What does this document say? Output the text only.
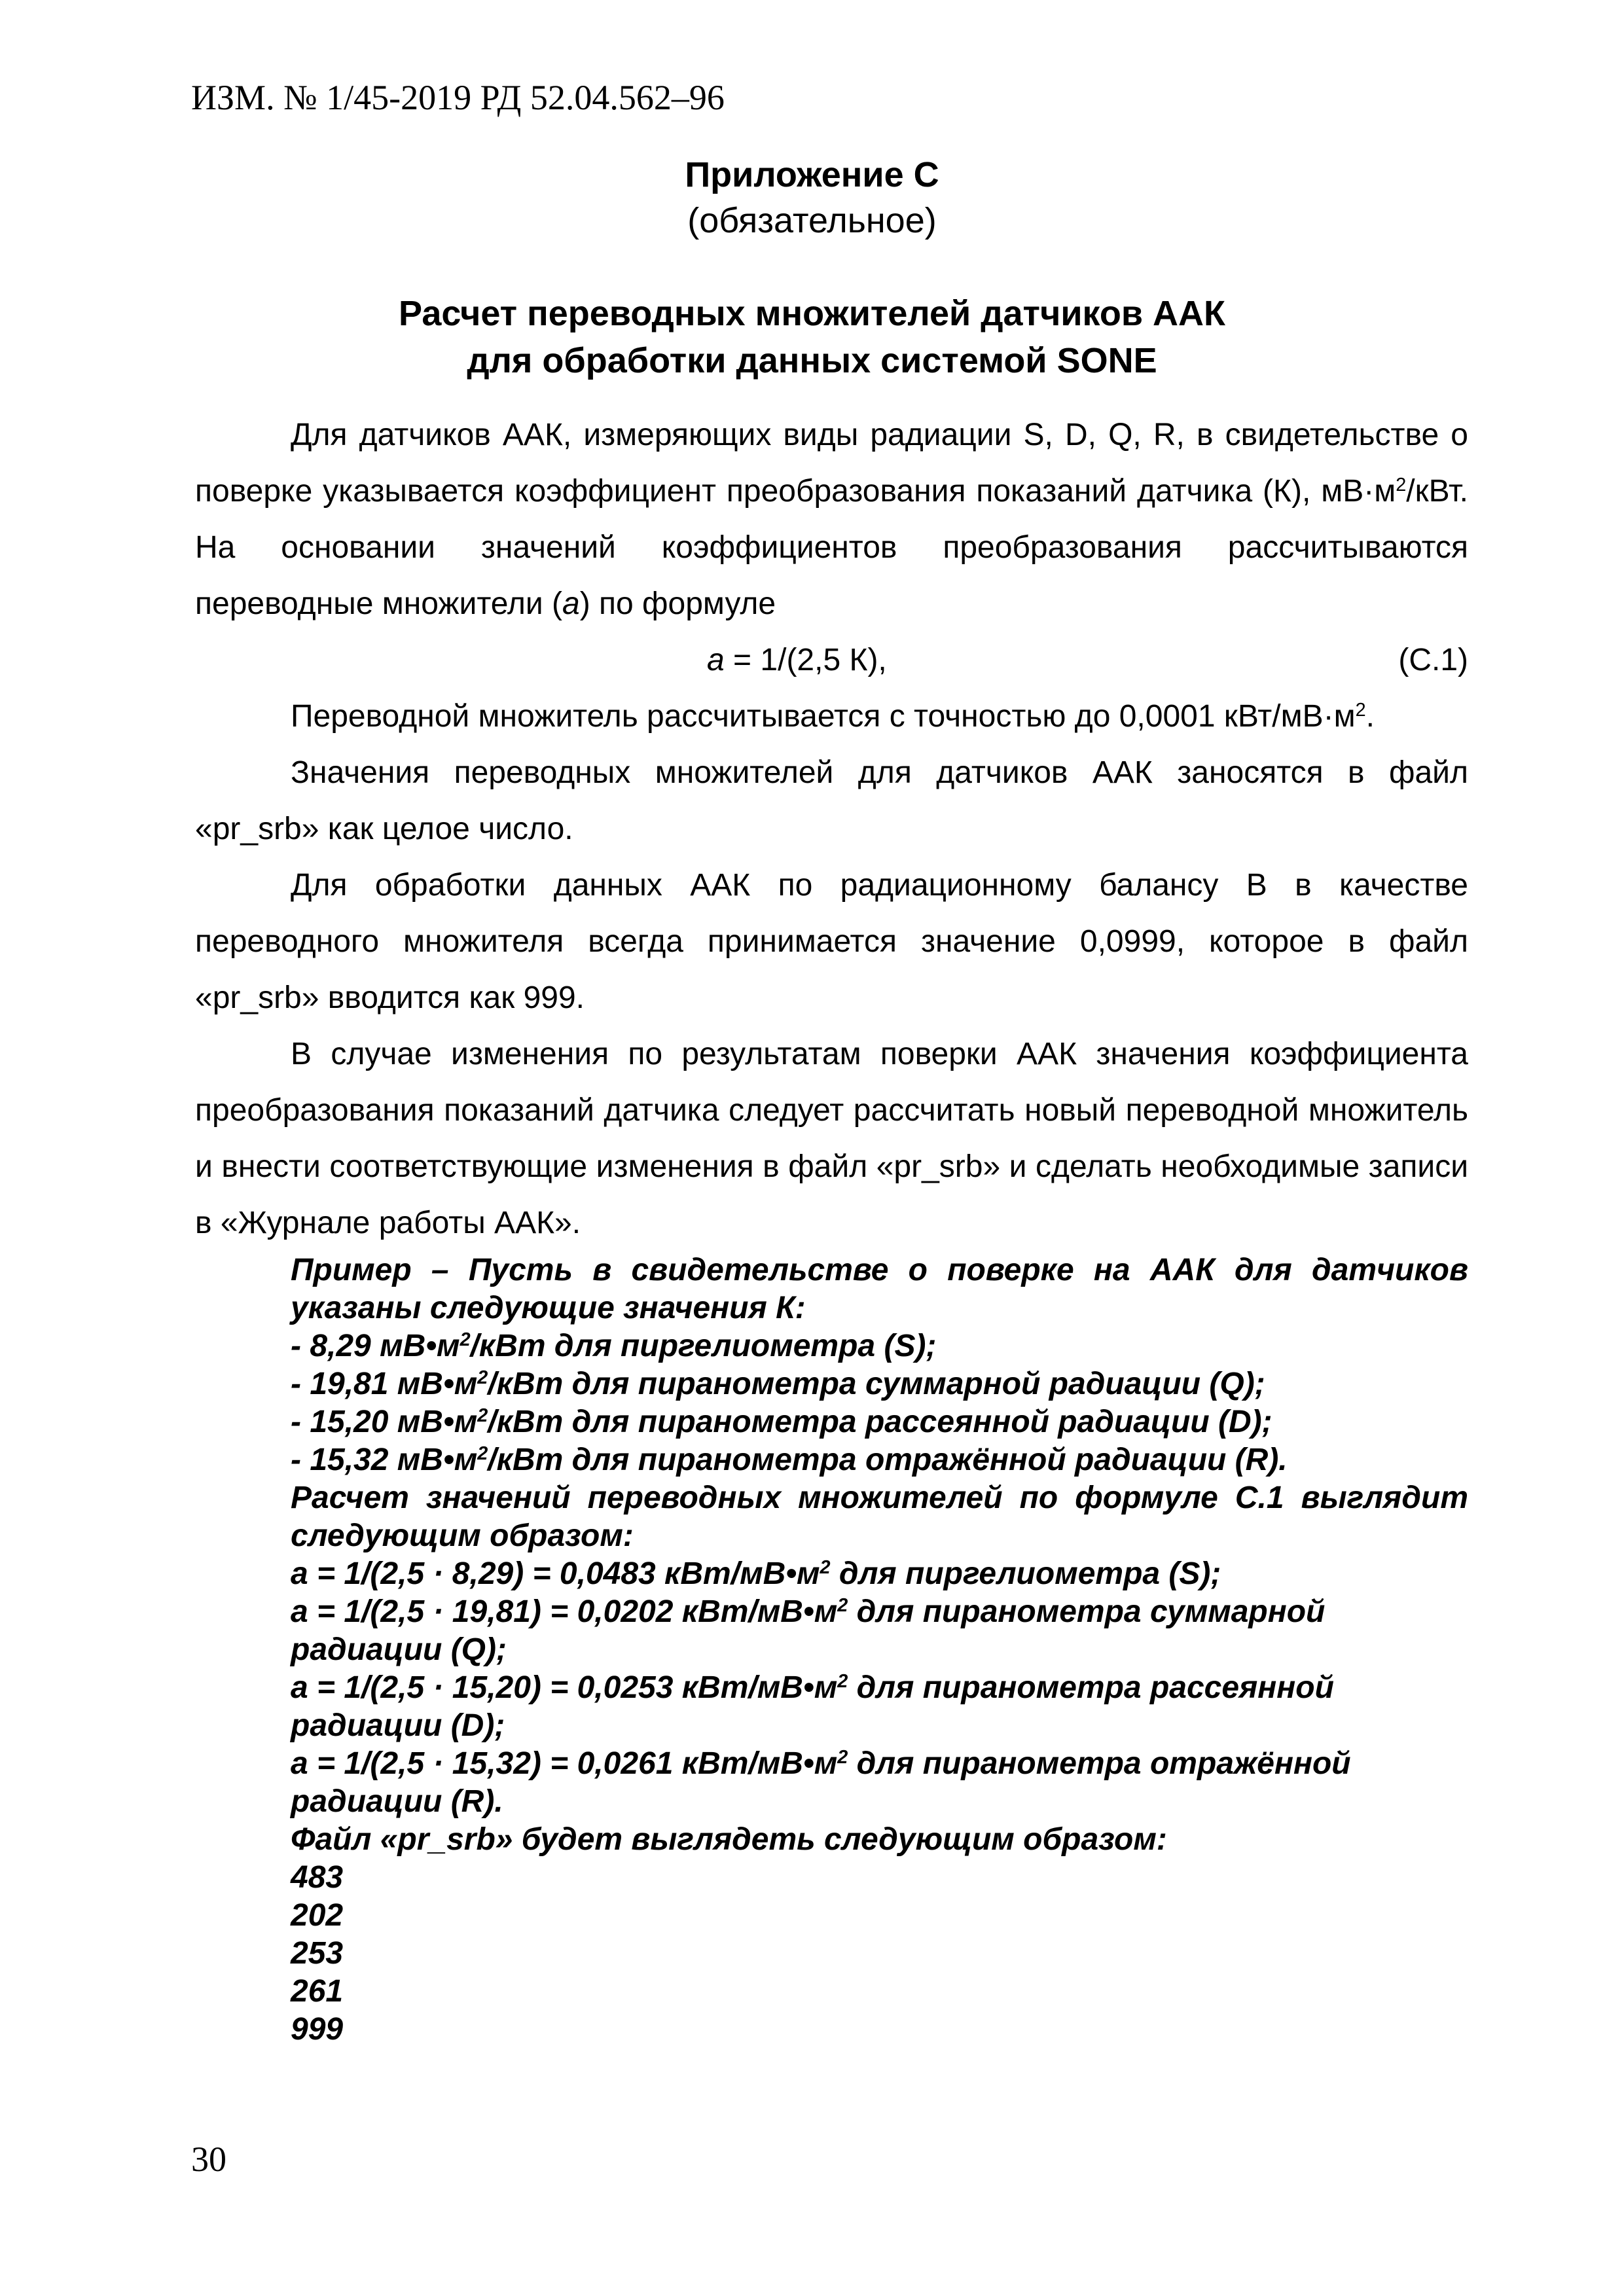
ИЗМ. № 1/45-2019 РД 52.04.562–96
Приложение С
(обязательное)
Расчет переводных множителей датчиков ААК
для обработки данных системой SONE

Для датчиков ААК, измеряющих виды радиации S, D, Q, R, в свидетельстве о поверке указывается коэффициент преобразования показаний датчика (К), $мВ\cdot м^2$/кВт. На основании значений коэффициентов преобразования рассчитываются переводные множители (а) по формуле

а = 1/(2,5 К),	(С.1)

Переводной множитель рассчитывается с точностью до 0,0001 кВт/$мВ\cdot м^2$.

Значения переводных множителей для датчиков ААК заносятся в файл «pr_srb» как целое число.

Для обработки данных ААК по радиационному балансу В в качестве переводного множителя всегда принимается значение 0,0999, которое в файл «pr_srb» вводится как 999.

В случае изменения по результатам поверки ААК значения коэффициента преобразования показаний датчика следует рассчитать новый переводной множитель и внести соответствующие изменения в файл «pr_srb» и сделать необходимые записи в «Журнале работы ААК».

Пример – Пусть в свидетельстве о поверке на ААК для датчиков указаны следующие значения К:

- 8,29 $мВ•м^2$/кВт для пиргелиометра (S);

- 19,81 $мВ•м^2$/кВт для пиранометра суммарной радиации (Q);

- 15,20 $мВ•м^2$/кВт для пиранометра рассеянной радиации (D);

- 15,32 $мВ•м^2$/кВт для пиранометра отражённой радиации (R).

Расчет значений переводных множителей по формуле С.1 выглядит следующим образом:

а = 1/(2,5 · 8,29) = 0,0483 кВт/$мВ•м^2$ для пиргелиометра (S);

а = 1/(2,5 · 19,81) = 0,0202 кВт/$мВ•м^2$ для пиранометра суммарной радиации (Q);

а = 1/(2,5 · 15,20) = 0,0253 кВт/$мВ•м^2$ для пиранометра рассеянной радиации (D);

а = 1/(2,5 · 15,32) = 0,0261 кВт/$мВ•м^2$ для пиранометра отражённой радиации (R).

Файл «pr_srb» будет выглядеть следующим образом:

483

202

253

261

999

30
